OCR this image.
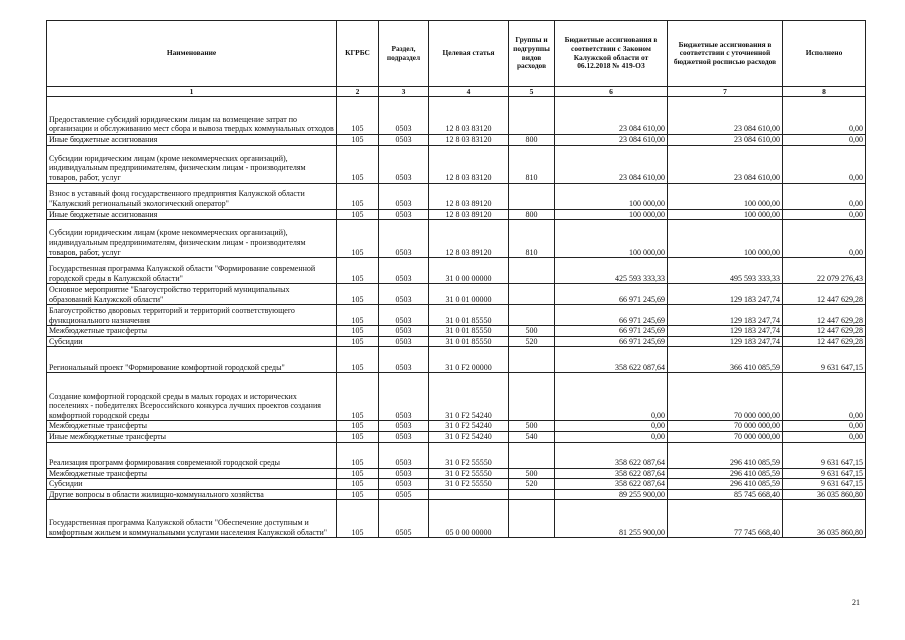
Наименование	КГРБС	Раздел, подраздел	Целевая статья	Группы и подгруппы видов расходов	Бюджетные ассигнования в соответствии с Законом Калужской области от 06.12.2018 № 419-ОЗ	Бюджетные ассигнования в соответствии с уточненной бюджетной росписью расходов	Исполнено
1	2	3	4	5	6	7	8
Предоставление субсидий юридическим лицам на возмещение затрат по организации и обслуживанию мест сбора и вывоза твердых коммунальных отходов	105	0503	12 8 03 83120		23 084 610,00	23 084 610,00	0,00
Иные бюджетные ассигнования	105	0503	12 8 03 83120	800	23 084 610,00	23 084 610,00	0,00
Субсидии юридическим лицам (кроме некоммерческих организаций), индивидуальным предпринимателям, физическим лицам - производителям товаров, работ, услуг	105	0503	12 8 03 83120	810	23 084 610,00	23 084 610,00	0,00
Взнос в уставный фонд государственного предприятия Калужской области "Калужский региональный экологический оператор"	105	0503	12 8 03 89120		100 000,00	100 000,00	0,00
Иные бюджетные ассигнования	105	0503	12 8 03 89120	800	100 000,00	100 000,00	0,00
Субсидии юридическим лицам (кроме некоммерческих организаций), индивидуальным предпринимателям, физическим лицам - производителям товаров, работ, услуг	105	0503	12 8 03 89120	810	100 000,00	100 000,00	0,00
Государственная программа Калужской области "Формирование современной городской среды в Калужской области"	105	0503	31 0 00 00000		425 593 333,33	495 593 333,33	22 079 276,43
Основное мероприятие "Благоустройство территорий муниципальных образований Калужской области"	105	0503	31 0 01 00000		66 971 245,69	129 183 247,74	12 447 629,28
Благоустройство дворовых территорий и территорий соответствующего функционального назначения	105	0503	31 0 01 85550		66 971 245,69	129 183 247,74	12 447 629,28
Межбюджетные трансферты	105	0503	31 0 01 85550	500	66 971 245,69	129 183 247,74	12 447 629,28
Субсидии	105	0503	31 0 01 85550	520	66 971 245,69	129 183 247,74	12 447 629,28
Региональный проект "Формирование комфортной городской среды"	105	0503	31 0 F2 00000		358 622 087,64	366 410 085,59	9 631 647,15
Создание комфортной городской среды в малых городах и исторических поселениях - победителях Всероссийского конкурса лучших проектов создания комфортной городской среды	105	0503	31 0 F2 54240		0,00	70 000 000,00	0,00
Межбюджетные трансферты	105	0503	31 0 F2 54240	500	0,00	70 000 000,00	0,00
Иные межбюджетные трансферты	105	0503	31 0 F2 54240	540	0,00	70 000 000,00	0,00
Реализация программ формирования современной городской среды	105	0503	31 0 F2 55550		358 622 087,64	296 410 085,59	9 631 647,15
Межбюджетные трансферты	105	0503	31 0 F2 55550	500	358 622 087,64	296 410 085,59	9 631 647,15
Субсидии	105	0503	31 0 F2 55550	520	358 622 087,64	296 410 085,59	9 631 647,15
Другие вопросы в области жилищно-коммунального хозяйства	105	0505			89 255 900,00	85 745 668,40	36 035 860,80
Государственная программа Калужской области "Обеспечение доступным и комфортным жильем и коммунальными услугами населения Калужской области"	105	0505	05 0 00 00000		81 255 900,00	77 745 668,40	36 035 860,80
21
